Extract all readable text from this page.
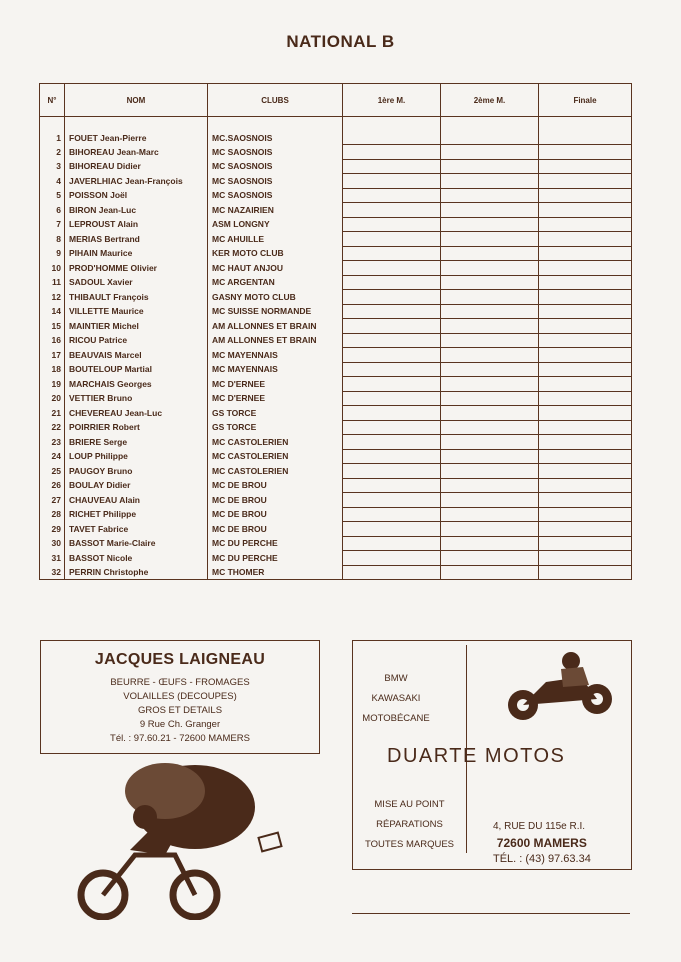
NATIONAL B
N°	NOM	CLUBS	1ère M.	2ème M.	Finale

1	FOUET Jean-Pierre	MC.SAOSNOIS			
2	BIHOREAU Jean-Marc	MC SAOSNOIS			
3	BIHOREAU Didier	MC SAOSNOIS			
4	JAVERLHIAC Jean-François	MC SAOSNOIS			
5	POISSON Joël	MC SAOSNOIS			
6	BIRON Jean-Luc	MC NAZAIRIEN			
7	LEPROUST Alain	ASM LONGNY			
8	MERIAS Bertrand	MC AHUILLE			
9	PIHAIN Maurice	KER MOTO CLUB			
10	PROD'HOMME Olivier	MC HAUT ANJOU			
11	SADOUL Xavier	MC ARGENTAN			
12	THIBAULT François	GASNY MOTO CLUB			
14	VILLETTE Maurice	MC SUISSE NORMANDE			
15	MAINTIER Michel	AM ALLONNES ET BRAIN			
16	RICOU Patrice	AM ALLONNES ET BRAIN			
17	BEAUVAIS Marcel	MC MAYENNAIS			
18	BOUTELOUP Martial	MC MAYENNAIS			
19	MARCHAIS Georges	MC D'ERNEE			
20	VETTIER Bruno	MC D'ERNEE			
21	CHEVEREAU Jean-Luc	GS TORCE			
22	POIRRIER Robert	GS TORCE			
23	BRIERE Serge	MC CASTOLERIEN			
24	LOUP Philippe	MC CASTOLERIEN			
25	PAUGOY Bruno	MC CASTOLERIEN			
26	BOULAY Didier	MC DE BROU			
27	CHAUVEAU Alain	MC DE BROU			
28	RICHET Philippe	MC DE BROU			
29	TAVET Fabrice	MC DE BROU			
30	BASSOT Marie-Claire	MC DU PERCHE			
31	BASSOT Nicole	MC DU PERCHE			
32	PERRIN Christophe	MC THOMER			
JACQUES LAIGNEAU
BEURRE - ŒUFS - FROMAGES
VOLAILLES (DECOUPES)
GROS ET DETAILS
9 Rue Ch. Granger
Tél. : 97.60.21 - 72600 MAMERS
BMW
KAWASAKI
MOTOBÉCANE
MISE AU POINT
RÉPARATIONS
TOUTES MARQUES
DUARTE MOTOS
4, RUE DU 115e R.I.
72600 MAMERS
TÉL. : (43) 97.63.34
